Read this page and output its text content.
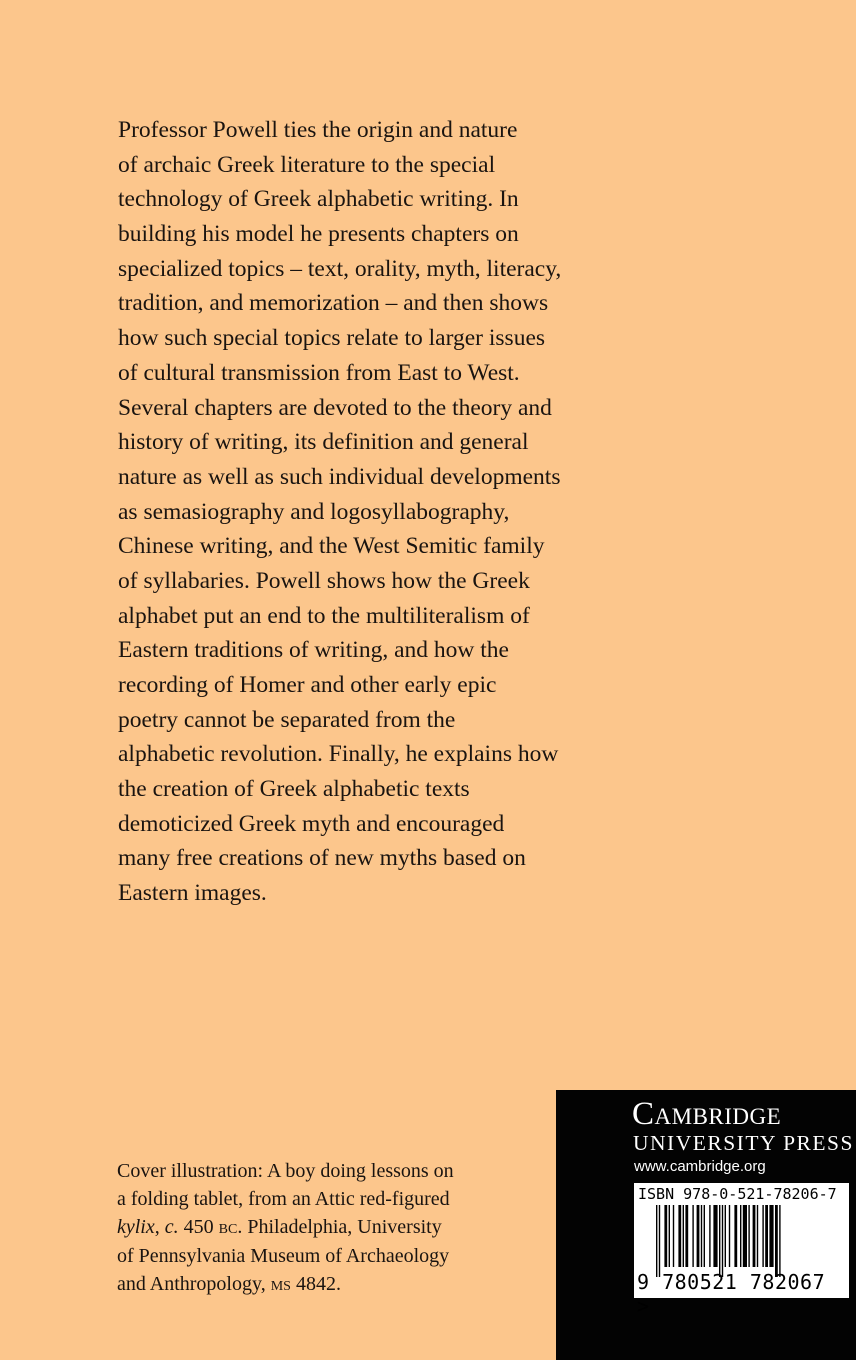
Professor Powell ties the origin and nature
of archaic Greek literature to the special
technology of Greek alphabetic writing. In
building his model he presents chapters on
specialized topics – text, orality, myth, literacy,
tradition, and memorization – and then shows
how such special topics relate to larger issues
of cultural transmission from East to West.
Several chapters are devoted to the theory and
history of writing, its definition and general
nature as well as such individual developments
as semasiography and logosyllabography,
Chinese writing, and the West Semitic family
of syllabaries. Powell shows how the Greek
alphabet put an end to the multiliteralism of
Eastern traditions of writing, and how the
recording of Homer and other early epic
poetry cannot be separated from the
alphabetic revolution. Finally, he explains how
the creation of Greek alphabetic texts
demoticized Greek myth and encouraged
many free creations of new myths based on
Eastern images.
Cover illustration: A boy doing lessons on
a folding tablet, from an Attic red-figured
kylix, c. 450 bc. Philadelphia, University
of Pennsylvania Museum of Archaeology
and Anthropology, ms 4842.
Cambridge
UNIVERSITY PRESS
www.cambridge.org
ISBN 978-0-521-78206-7
9 780521 782067 >
